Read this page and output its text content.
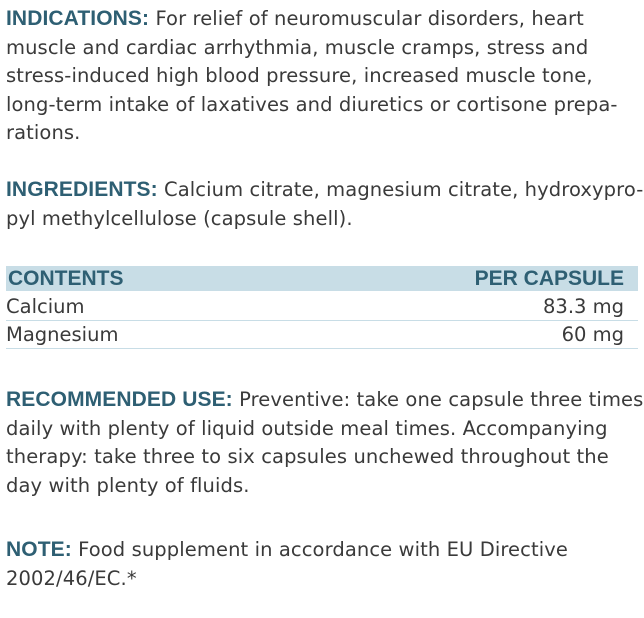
INDICATIONS: For relief of neuromuscular disorders, heart
muscle and cardiac arrhythmia, muscle cramps, stress and
stress-induced high blood pressure, increased muscle tone,
long-term intake of laxatives and diuretics or cortisone prepa-
rations.

INGREDIENTS: Calcium citrate, magnesium citrate, hydroxypro-
pyl methylcellulose (capsule shell).

CONTENTS	PER CAPSULE
Calcium	83.3 mg
Magnesium	60 mg

RECOMMENDED USE: Preventive: take one capsule three times
daily with plenty of liquid outside meal times. Accompanying
therapy: take three to six capsules unchewed throughout the
day with plenty of fluids.

NOTE: Food supplement in accordance with EU Directive
2002/46/EC.*
